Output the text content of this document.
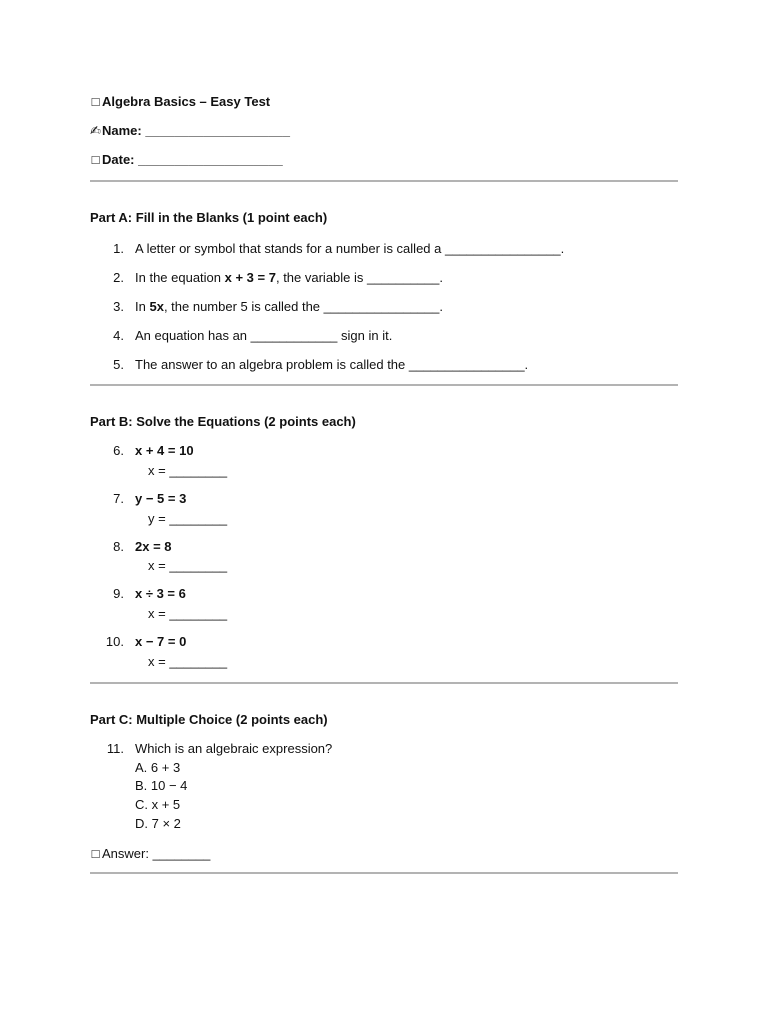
□ Algebra Basics – Easy Test
✍Name: ____________________
□ Date: ____________________
Part A: Fill in the Blanks (1 point each)
1. A letter or symbol that stands for a number is called a ________________.
2. In the equation x + 3 = 7, the variable is __________.
3. In 5x, the number 5 is called the ________________.
4. An equation has an ____________ sign in it.
5. The answer to an algebra problem is called the ________________.
Part B: Solve the Equations (2 points each)
6. x + 4 = 10
x = ________
7. y − 5 = 3
y = ________
8. 2x = 8
x = ________
9. x ÷ 3 = 6
x = ________
10. x − 7 = 0
x = ________
Part C: Multiple Choice (2 points each)
11. Which is an algebraic expression?
A. 6 + 3
B. 10 − 4
C. x + 5
D. 7 × 2
□ Answer: ________
